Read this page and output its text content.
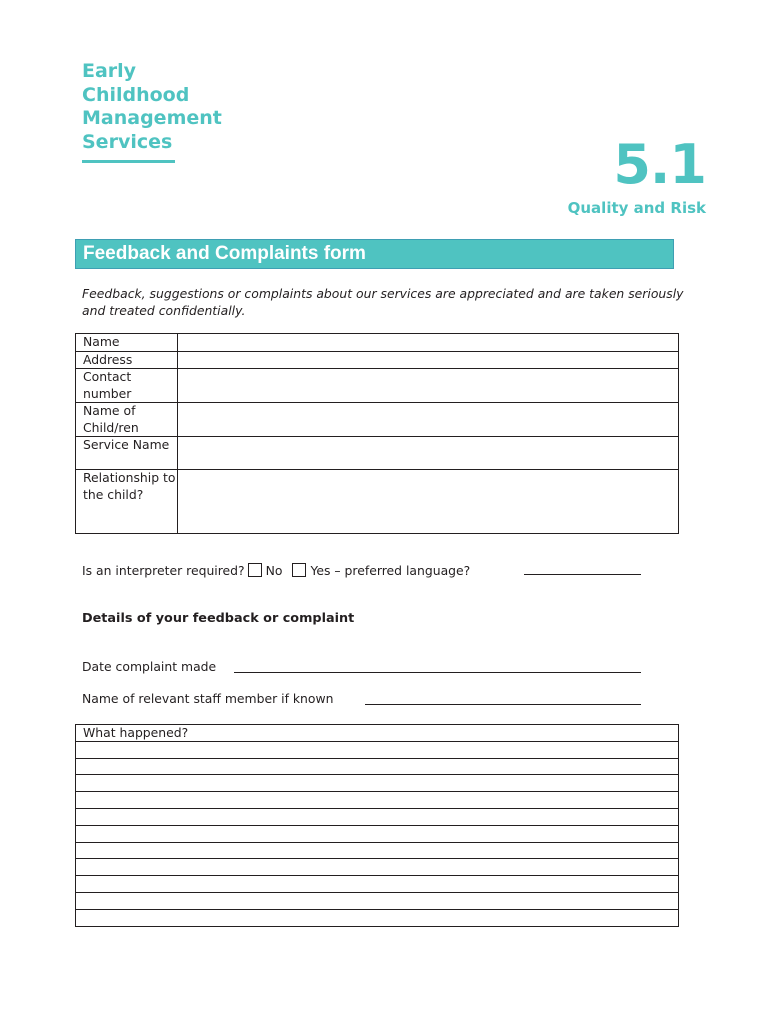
Early
Childhood
Management
Services	5.1
Quality and Risk
Feedback and Complaints form

Feedback, suggestions or complaints about our services are appreciated and are taken seriously and treated confidentially.

Name	
Address	
Contact number	
Name of Child/ren	
Service Name	
Relationship to the child?	
Is an interpreter required? No Yes – preferred language?
Details of your feedback or complaint
Date complaint made
Name of relevant staff member if known
What happened?
